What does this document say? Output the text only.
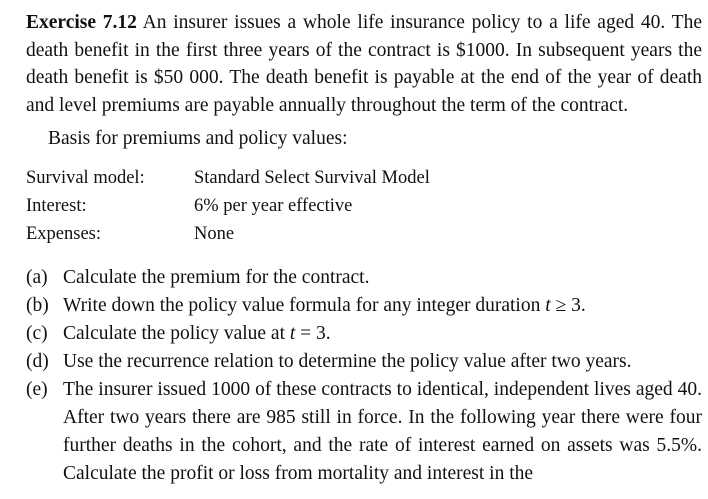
Exercise 7.12 An insurer issues a whole life insurance policy to a life aged 40. The death benefit in the first three years of the contract is $1000. In subsequent years the death benefit is $50 000. The death benefit is payable at the end of the year of death and level premiums are payable annually throughout the term of the contract.
Basis for premiums and policy values:
Survival model:	Standard Select Survival Model
Interest:	6% per year effective
Expenses:	None
(a) Calculate the premium for the contract.
(b) Write down the policy value formula for any integer duration t ≥ 3.
(c) Calculate the policy value at t = 3.
(d) Use the recurrence relation to determine the policy value after two years.
(e) The insurer issued 1000 of these contracts to identical, independent lives aged 40. After two years there are 985 still in force. In the following year there were four further deaths in the cohort, and the rate of interest earned on assets was 5.5%. Calculate the profit or loss from mortality and interest in the
